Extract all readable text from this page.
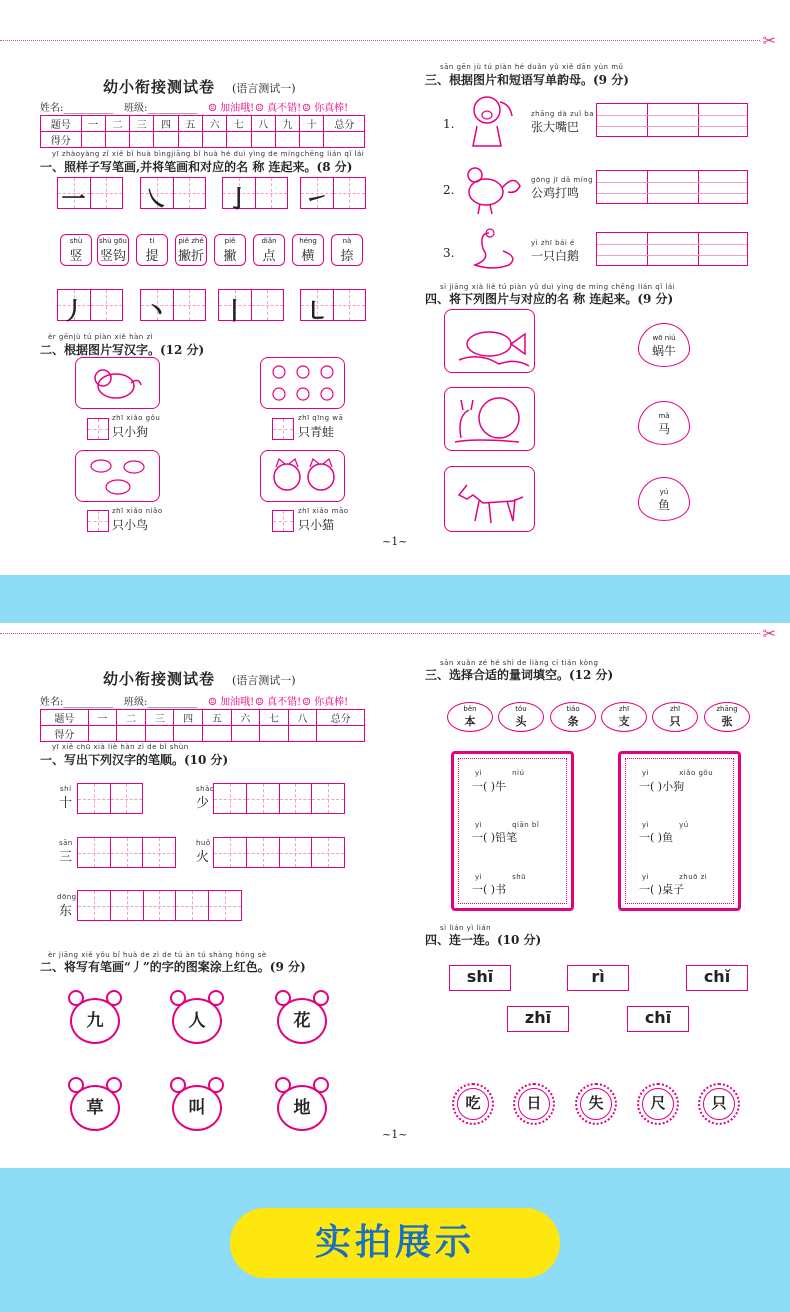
✂
幼小衔接测试卷 (语言测试一)
姓名:__________ 班级:__________ ☺ 加油哦! ☺ 真不错! ☺ 你真棒!
题号	一	二	三	四	五	六	七	八	九	十	总分
得分											
yī zhàoyàng zǐ xiě bǐ huà bìngjiāng bǐ huà hé duì yìng de míngchēng lián qǐ lái
一、照样子写笔画,并将笔画和对应的名 称 连起来。(8 分)
一 ㇏ 亅 ㇀
shù
竖
shù gōu
竖钩
tí
提
piě zhé
撇折
piě
撇
diǎn
点
héng
横
nà
捺
丿 丶 丨 ㇄
èr gēnjù tú piàn xiě hàn zì
二、根据图片写汉字。(12 分)
zhī xiǎo gǒu
只小狗
zhī qīng wā
只青蛙
zhī xiǎo niǎo
只小鸟
zhī xiǎo māo
只小猫
sān gēn jù tú piàn hé duǎn yǔ xiě dān yùn mǔ
三、根据图片和短语写单韵母。(9 分)
1.
zhāng dà zuǐ ba
张大嘴巴
2.
gōng jī dǎ míng
公鸡打鸣
3.
yì zhī bái é
一只白鹅
sì jiāng xià liè tú piàn yǔ duì yìng de míng chēng lián qǐ lái
四、将下列图片与对应的名 称 连起来。(9 分)
wō niú
蜗牛
mǎ
马
yú
鱼
~1~
✂
幼小衔接测试卷 (语言测试一)
姓名:__________ 班级:__________ ☺ 加油哦! ☺ 真不错! ☺ 你真棒!
题号	一	二	三	四	五	六	七	八	总分
得分									
yī xiě chū xià liè hàn zì de bǐ shùn
一、写出下列汉字的笔顺。(10 分)
shí
十
shǎo
少
sān
三
huǒ
火
dōng
东
èr jiāng xiě yǒu bǐ huà de zì de tú àn tú shàng hóng sè
二、将写有笔画“丿”的字的图案涂上红色。(9 分)
九	人	花
草	叫	地
sān xuǎn zé hé shì de liàng cí tián kòng
三、选择合适的量词填空。(12 分)
běn
本
tóu
头
tiáo
条
zhī
支
zhī
只
zhāng
张
yì	niú
一( )牛
yì	qiān bǐ
一( )铅笔
yì	shū
一( )书
yì	xiǎo gǒu
一( )小狗
yì	yú
一( )鱼
yì	zhuō zi
一( )桌子
sì lián yì lián
四、连一连。(10 分)
shī	rì	chǐ
zhī	chī
吃	日	失	尺	只
~1~
实拍展示
